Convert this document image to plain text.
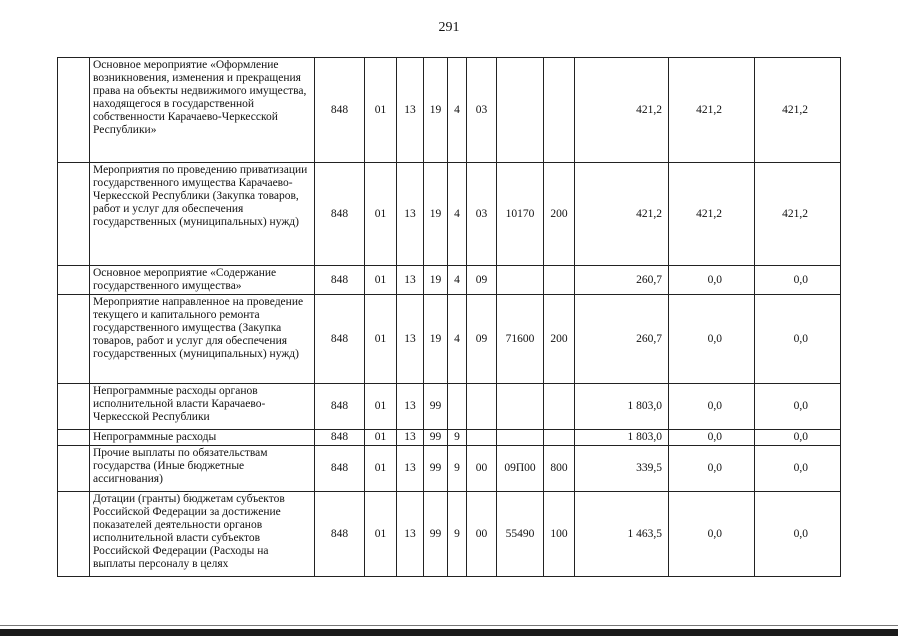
291
	Основное мероприятие «Оформление возникновения, изменения и прекращения права на объекты недвижимого имущества, находящегося в государственной собственности Карачаево-Черкесской Республики»	848	01	13	19	4	03			421,2	421,2	421,2
	Мероприятия по проведению приватизации государственного имущества Карачаево-Черкесской Республики (Закупка товаров, работ и услуг для обеспечения государственных (муниципальных) нужд)	848	01	13	19	4	03	10170	200	421,2	421,2	421,2
	Основное мероприятие «Содержание государственного имущества»	848	01	13	19	4	09			260,7	0,0	0,0
	Мероприятие направленное на проведение текущего и капитального ремонта государственного имущества (Закупка товаров, работ и услуг для обеспечения государственных (муниципальных) нужд)	848	01	13	19	4	09	71600	200	260,7	0,0	0,0
	Непрограммные расходы органов исполнительной власти Карачаево-Черкесской Республики	848	01	13	99					1 803,0	0,0	0,0
	Непрограммные расходы	848	01	13	99	9				1 803,0	0,0	0,0
	Прочие выплаты по обязательствам государства (Иные бюджетные ассигнования)	848	01	13	99	9	00	09П00	800	339,5	0,0	0,0
	Дотации (гранты) бюджетам субъектов Российской Федерации за достижение показателей деятельности органов исполнительной власти субъектов Российской Федерации (Расходы на выплаты персоналу в целях	848	01	13	99	9	00	55490	100	1 463,5	0,0	0,0
